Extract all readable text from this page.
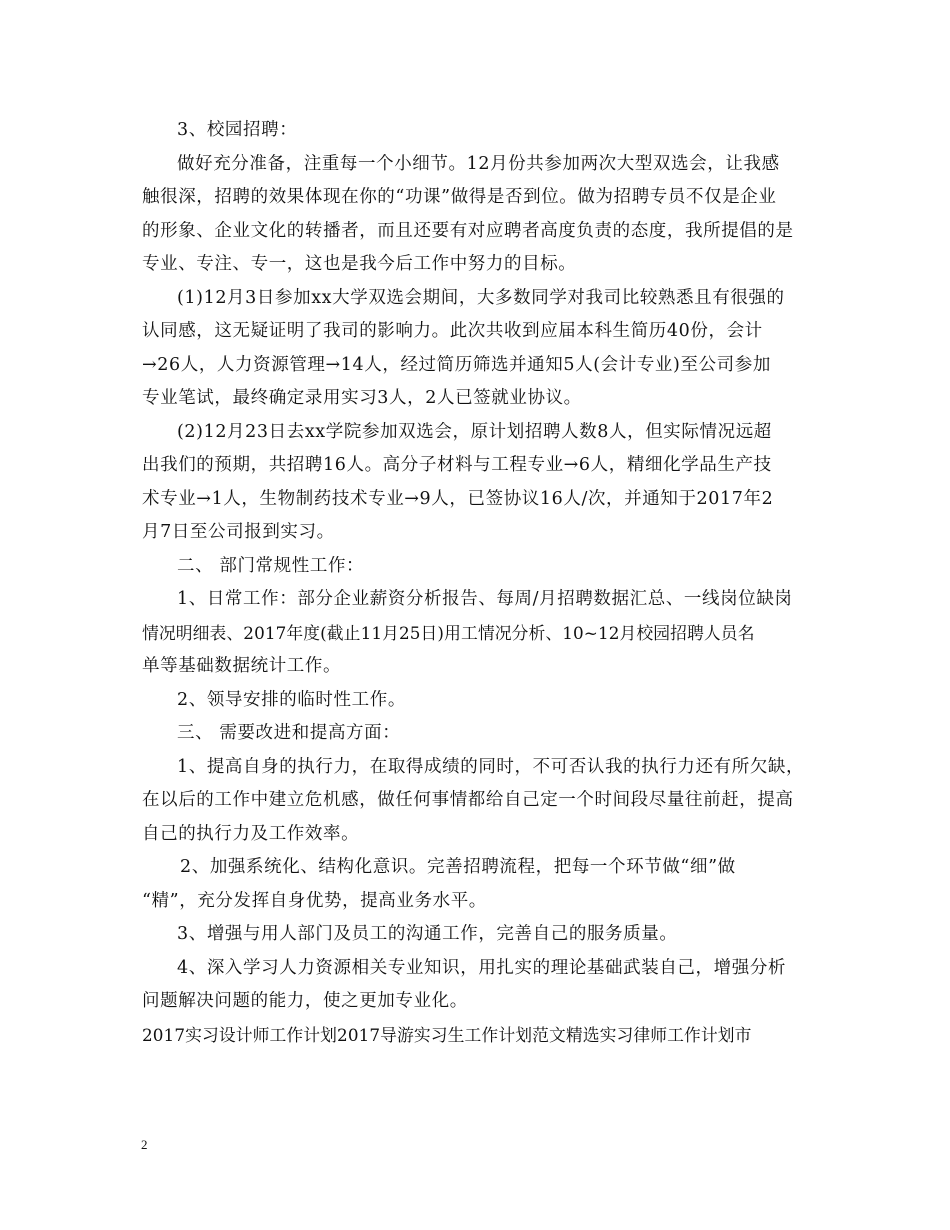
3、校园招聘：
做好充分准备，注重每一个小细节。12月份共参加两次大型双选会，让我感
触很深，招聘的效果体现在你的“功课”做得是否到位。做为招聘专员不仅是企业
的形象、企业文化的转播者，而且还要有对应聘者高度负责的态度，我所提倡的是
专业、专注、专一，这也是我今后工作中努力的目标。
(1)12月3日参加xx大学双选会期间，大多数同学对我司比较熟悉且有很强的
认同感，这无疑证明了我司的影响力。此次共收到应届本科生简历40份，会计
→26人，人力资源管理→14人，经过简历筛选并通知5人(会计专业)至公司参加
专业笔试，最终确定录用实习3人，2人已签就业协议。
(2)12月23日去xx学院参加双选会，原计划招聘人数8人，但实际情况远超
出我们的预期，共招聘16人。高分子材料与工程专业→6人，精细化学品生产技
术专业→1人，生物制药技术专业→9人，已签协议16人/次，并通知于2017年2
月7日至公司报到实习。
二、 部门常规性工作：
1、日常工作：部分企业薪资分析报告、每周/月招聘数据汇总、一线岗位缺岗
情况明细表、2017年度(截止11月25日)用工情况分析、10~12月校园招聘人员名
单等基础数据统计工作。
2、领导安排的临时性工作。
三、 需要改进和提高方面：
1、提高自身的执行力，在取得成绩的同时，不可否认我的执行力还有所欠缺，
在以后的工作中建立危机感，做任何事情都给自己定一个时间段尽量往前赶，提高
自己的执行力及工作效率。
2、加强系统化、结构化意识。完善招聘流程，把每一个环节做“细”做
“精”，充分发挥自身优势，提高业务水平。
3、增强与用人部门及员工的沟通工作，完善自己的服务质量。
4、深入学习人力资源相关专业知识，用扎实的理论基础武装自己，增强分析
问题解决问题的能力，使之更加专业化。
2017实习设计师工作计划2017导游实习生工作计划范文精选实习律师工作计划市
2
